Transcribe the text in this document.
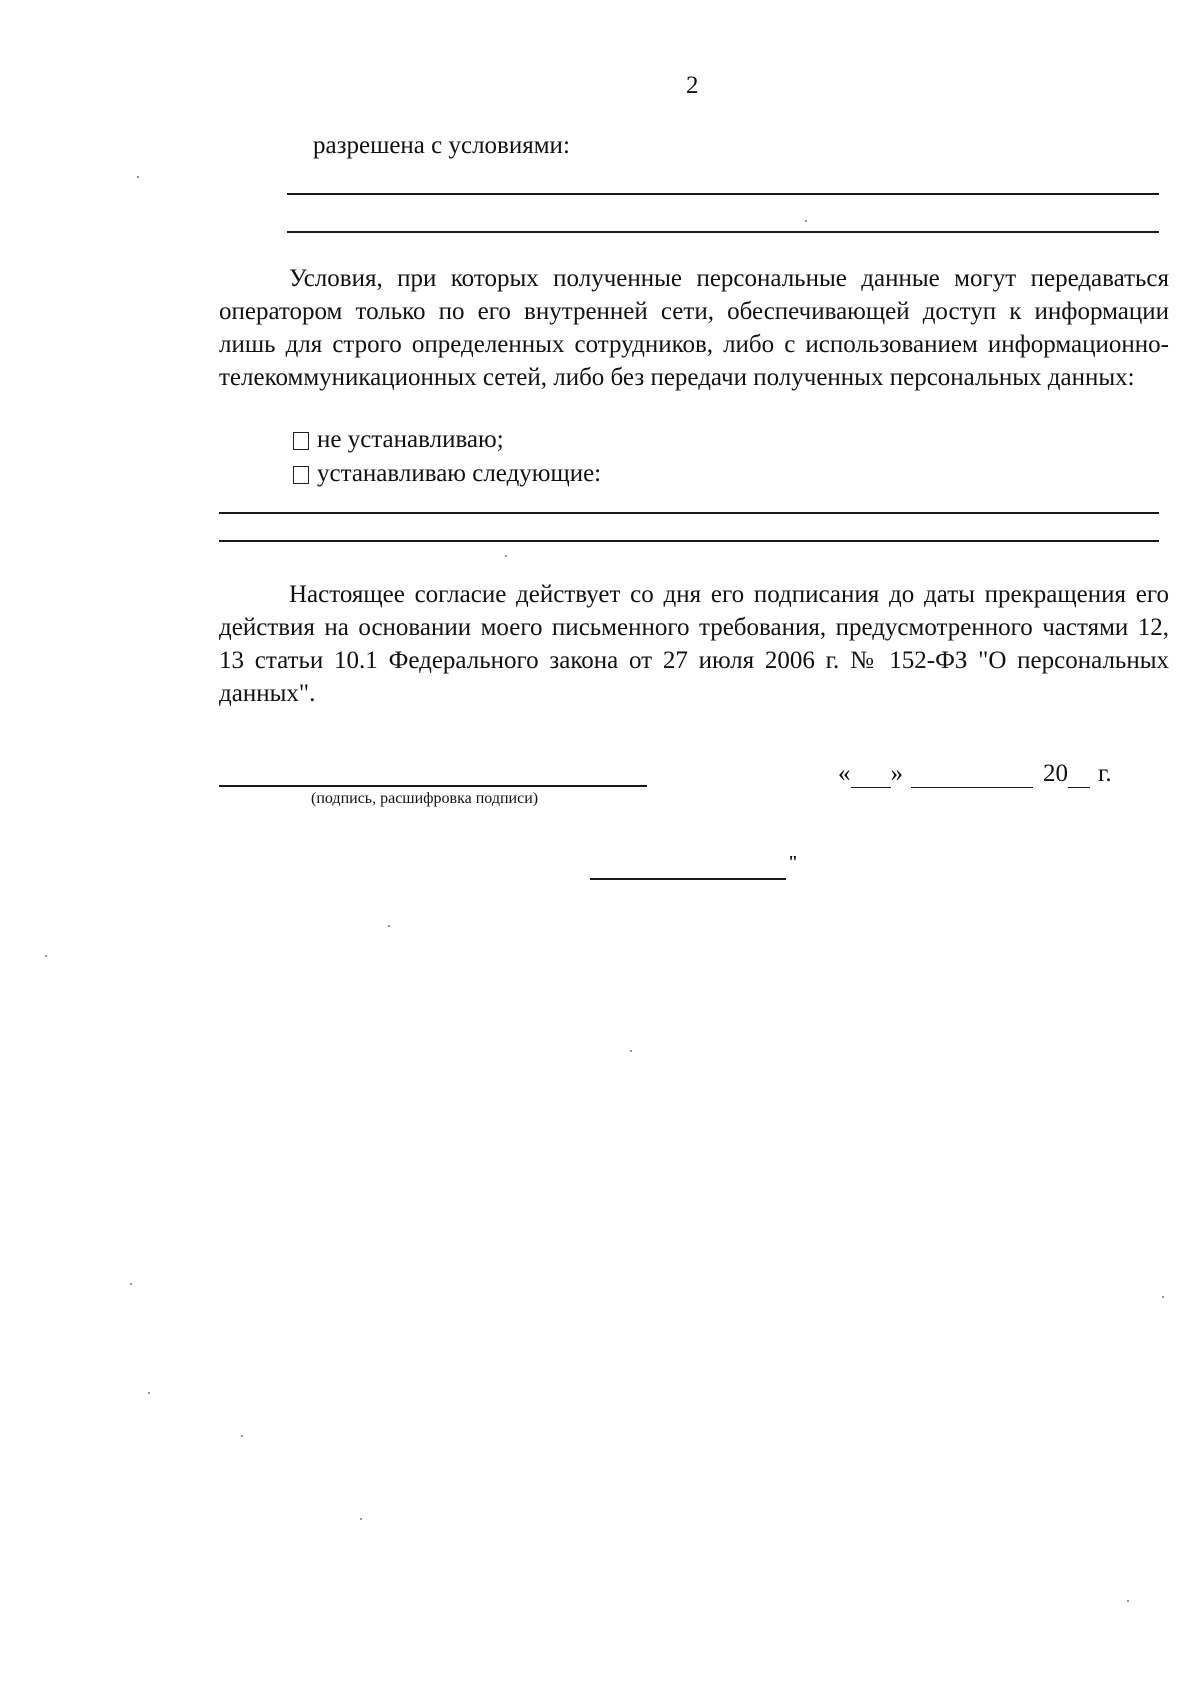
2
разрешена с условиями:

Условия, при которых полученные персональные данные могут передаваться оператором только по его внутренней сети, обеспечивающей доступ к информации лишь для строго определенных сотрудников, либо с использованием информационно-телекоммуникационных сетей, либо без передачи полученных персональных данных:

не устанавливаю;
устанавливаю следующие:

Настоящее согласие действует со дня его подписания до даты прекращения его действия на основании моего письменного требования, предусмотренного частями 12, 13 статьи 10.1 Федерального закона от 27 июля 2006 г. № 152-ФЗ "О персональных данных".

(подпись, расшифровка подписи)
« »	20 г.
"
